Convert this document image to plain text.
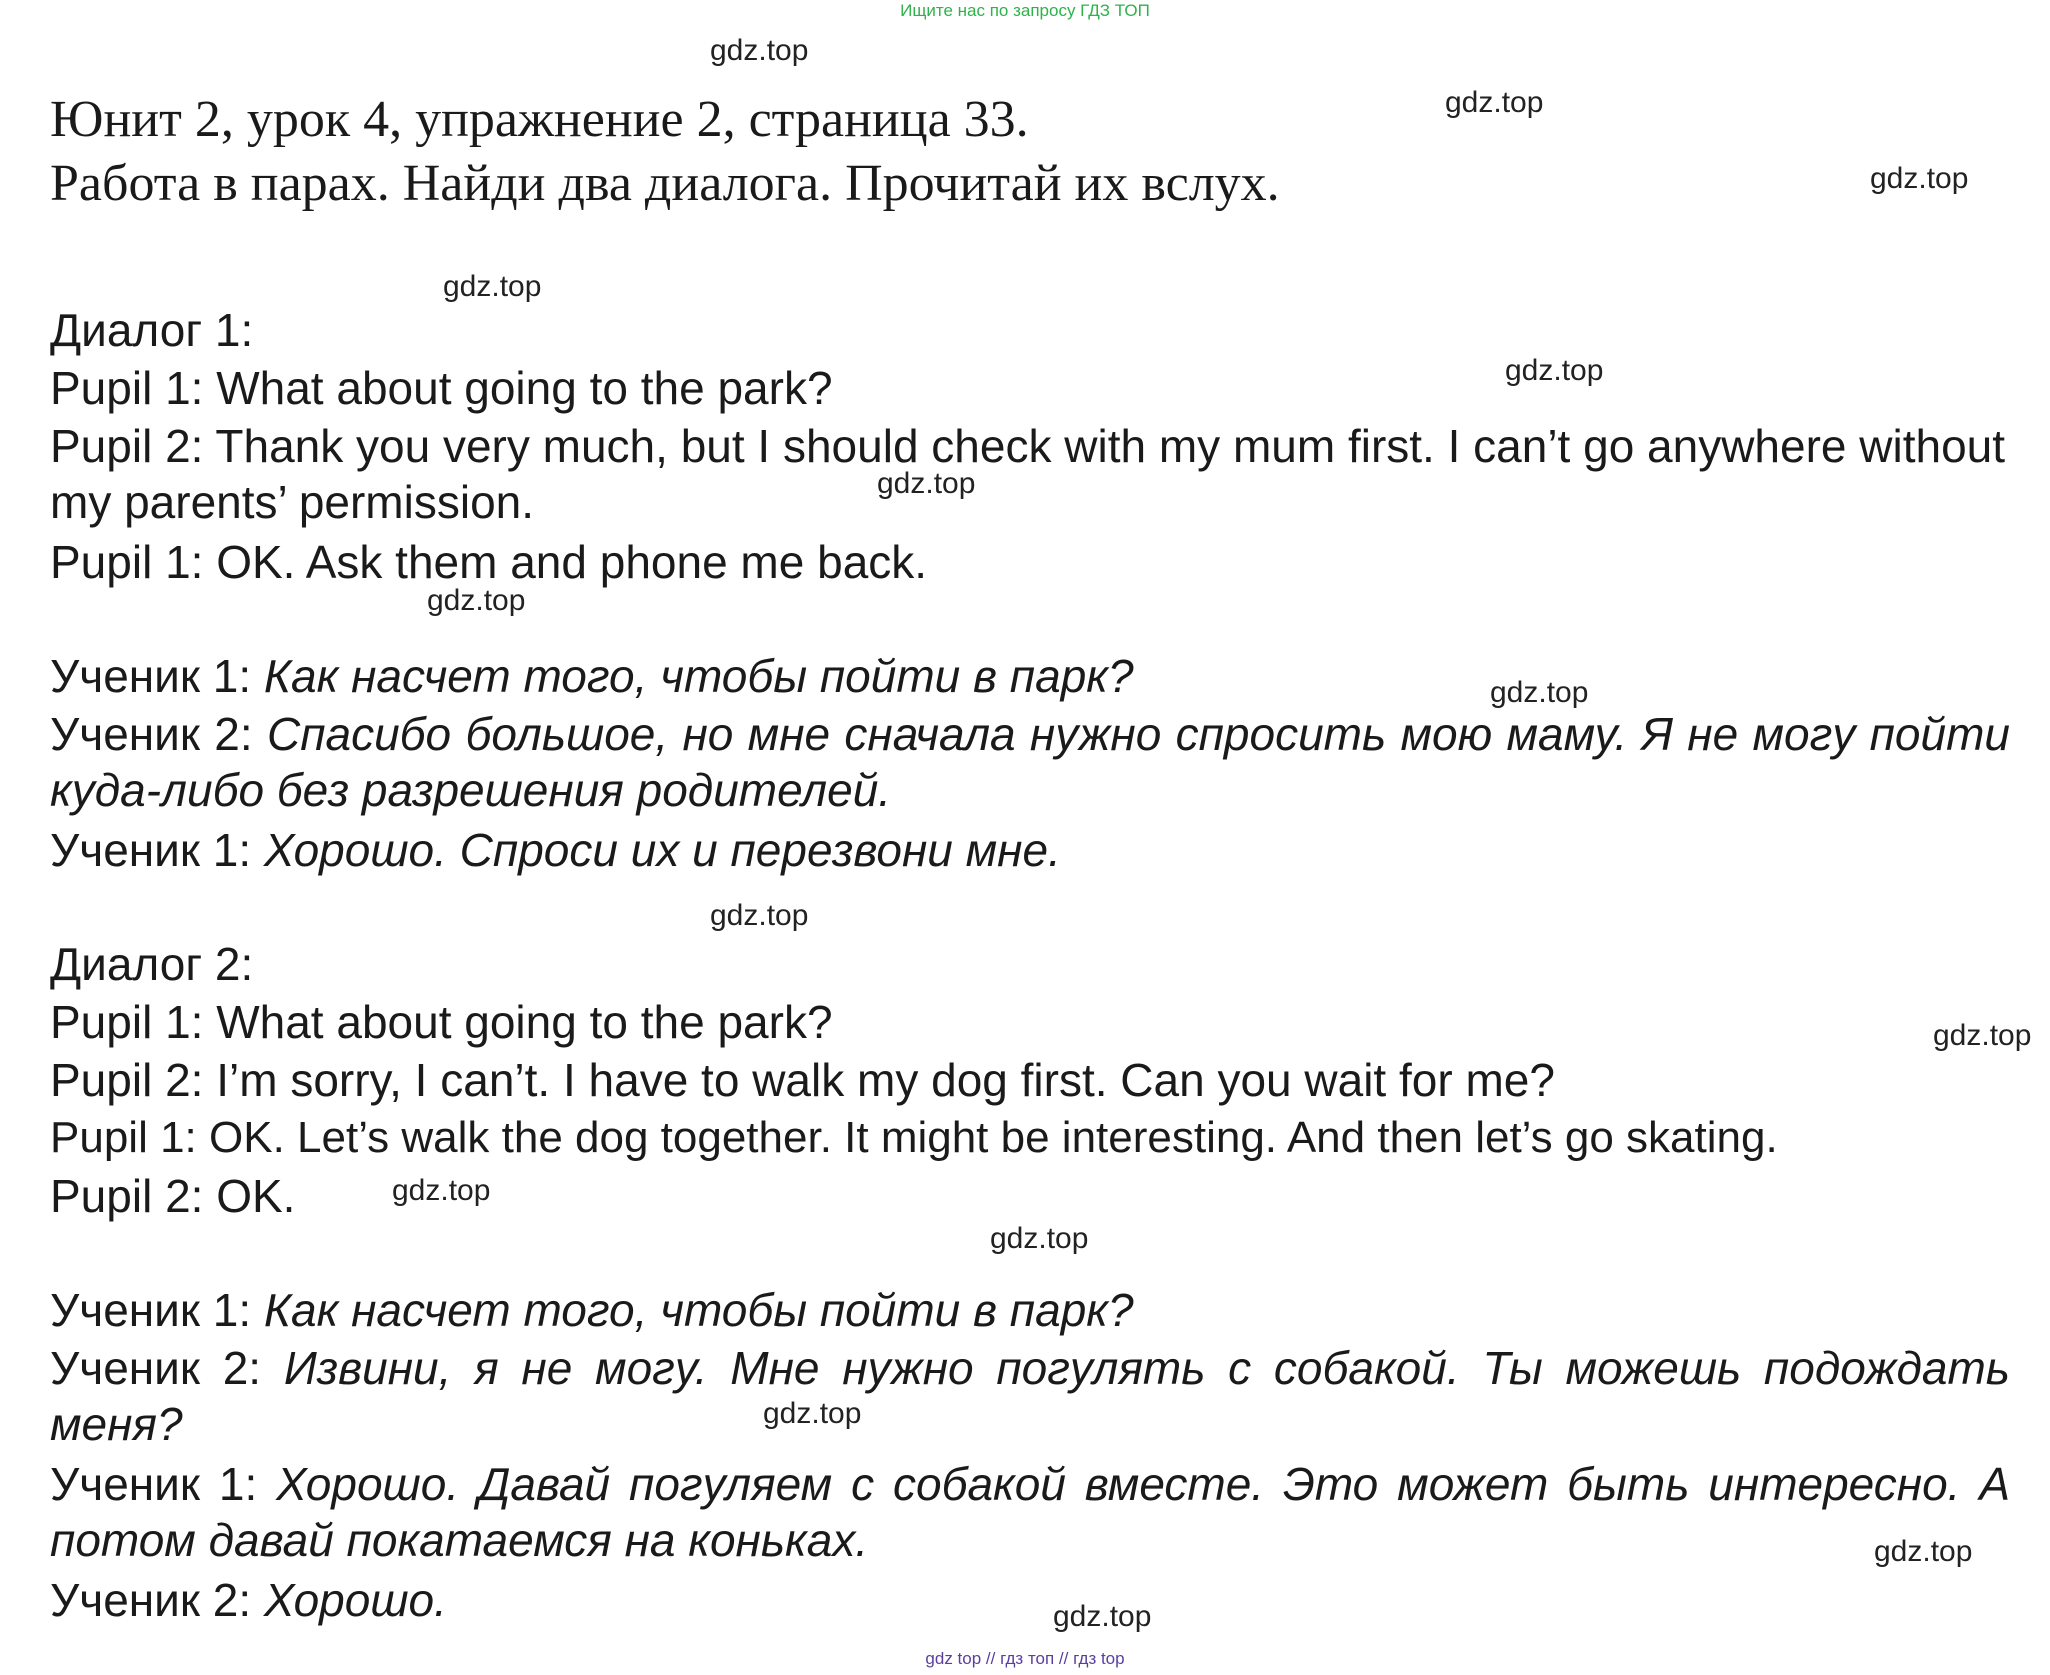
Ищите нас по запросу ГДЗ ТОП
Юнит 2, урок 4, упражнение 2, страница 33.
Работа в парах. Найди два диалога. Прочитай их вслух.
Диалог 1:
Pupil 1: What about going to the park?
Pupil 2: Thank you very much, but I should check with my mum first. I can’t go anywhere without my parents’ permission.
Pupil 1: OK. Ask them and phone me back.
Ученик 1: Как насчет того, чтобы пойти в парк?
Ученик 2: Спасибо большое, но мне сначала нужно спросить мою маму. Я не могу пойти куда-либо без разрешения родителей.
Ученик 1: Хорошо. Спроси их и перезвони мне.
Диалог 2:
Pupil 1: What about going to the park?
Pupil 2: I’m sorry, I can’t. I have to walk my dog first. Can you wait for me?
Pupil 1: OK. Let’s walk the dog together. It might be interesting. And then let’s go skating.
Pupil 2: OK.
Ученик 1: Как насчет того, чтобы пойти в парк?
Ученик 2: Извини, я не могу. Мне нужно погулять с собакой. Ты можешь подождать меня?
Ученик 1: Хорошо. Давай погуляем с собакой вместе. Это может быть интересно. А потом давай покатаемся на коньках.
Ученик 2: Хорошо.
gdz.top
gdz.top
gdz.top
gdz.top
gdz.top
gdz.top
gdz.top
gdz.top
gdz.top
gdz.top
gdz.top
gdz.top
gdz.top
gdz.top
gdz.top
gdz top // гдз топ // гдз top
